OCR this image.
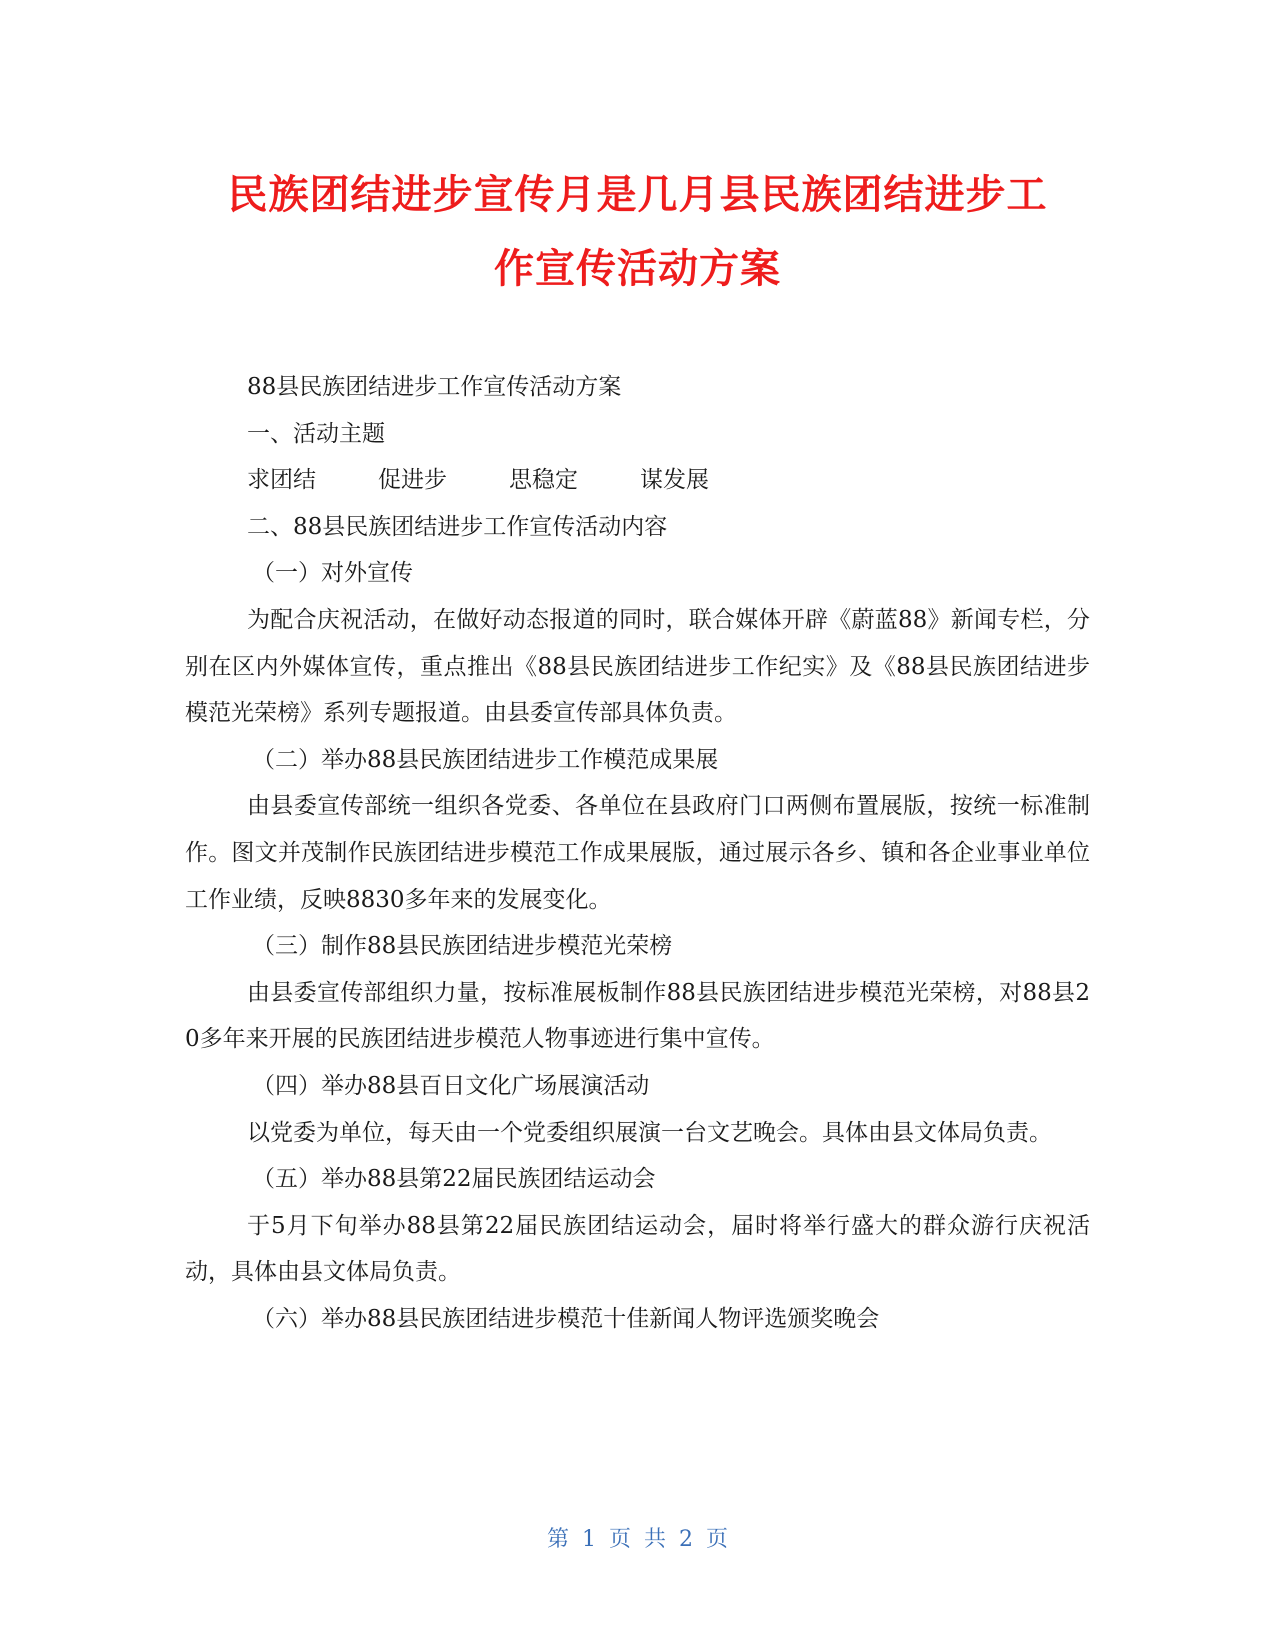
民族团结进步宣传月是几月县民族团结进步工
作宣传活动方案

88县民族团结进步工作宣传活动方案

一、活动主题

求团结	促进步	思稳定	谋发展

二、88县民族团结进步工作宣传活动内容

（一）对外宣传

为配合庆祝活动，在做好动态报道的同时，联合媒体开辟《蔚蓝88》新闻专栏，分别在区内外媒体宣传，重点推出《88县民族团结进步工作纪实》及《88县民族团结进步模范光荣榜》系列专题报道。由县委宣传部具体负责。

（二）举办88县民族团结进步工作模范成果展

由县委宣传部统一组织各党委、各单位在县政府门口两侧布置展版，按统一标准制作。图文并茂制作民族团结进步模范工作成果展版，通过展示各乡、镇和各企业事业单位工作业绩，反映8830多年来的发展变化。

（三）制作88县民族团结进步模范光荣榜

由县委宣传部组织力量，按标准展板制作88县民族团结进步模范光荣榜，对88县20多年来开展的民族团结进步模范人物事迹进行集中宣传。

（四）举办88县百日文化广场展演活动

以党委为单位，每天由一个党委组织展演一台文艺晚会。具体由县文体局负责。

（五）举办88县第22届民族团结运动会

于5月下旬举办88县第22届民族团结运动会，届时将举行盛大的群众游行庆祝活动，具体由县文体局负责。

（六）举办88县民族团结进步模范十佳新闻人物评选颁奖晚会

第 1 页 共 2 页
